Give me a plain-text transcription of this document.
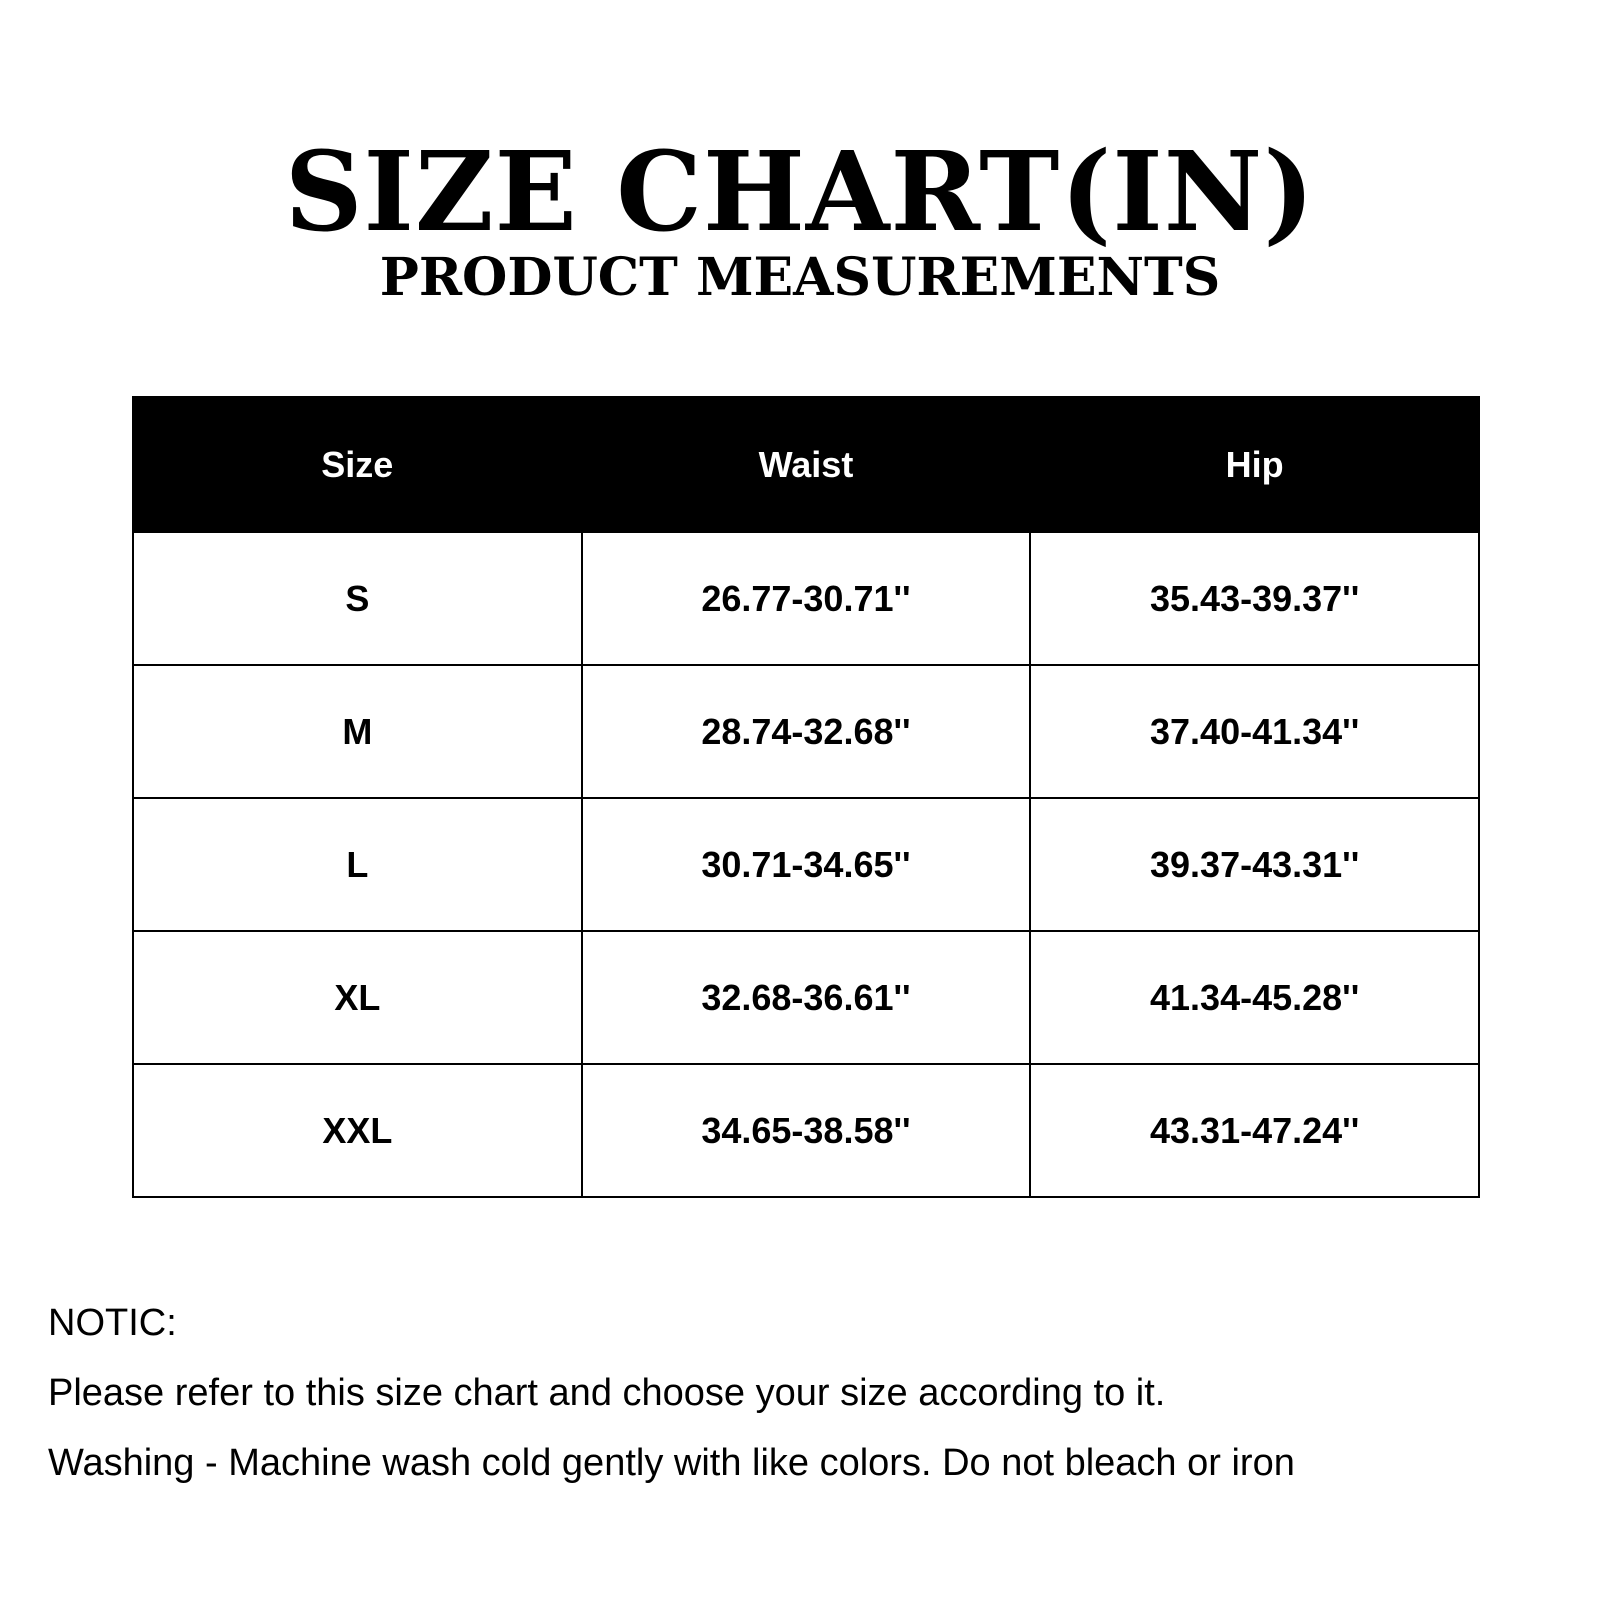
SIZE CHART(IN)
PRODUCT MEASUREMENTS
Size	Waist	Hip
S	26.77-30.71''	35.43-39.37''
M	28.74-32.68''	37.40-41.34''
L	30.71-34.65''	39.37-43.31''
XL	32.68-36.61''	41.34-45.28''
XXL	34.65-38.58''	43.31-47.24''
NOTIC:
Please refer to this size chart and choose your size according to it.
Washing - Machine wash cold gently with like colors. Do not bleach or iron
